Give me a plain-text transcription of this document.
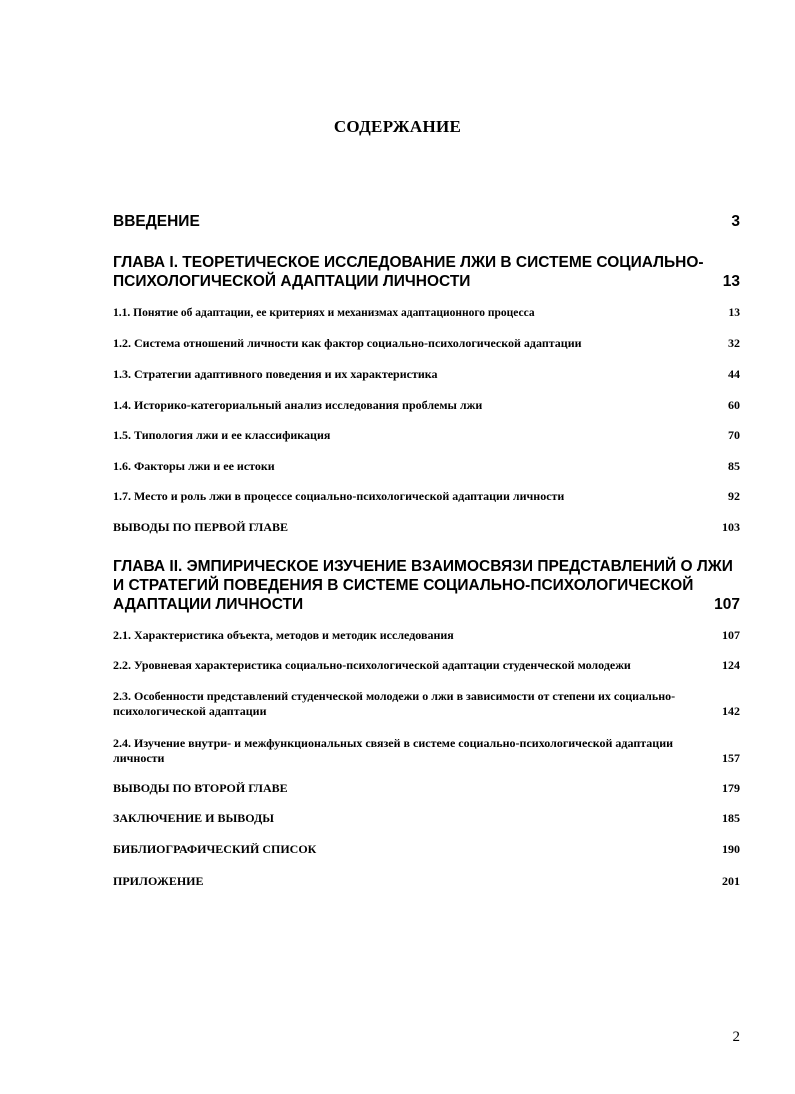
СОДЕРЖАНИЕ
ВВЕДЕНИЕ	3
ГЛАВА I. ТЕОРЕТИЧЕСКОЕ ИССЛЕДОВАНИЕ ЛЖИ В СИСТЕМЕ СОЦИАЛЬНО-ПСИХОЛОГИЧЕСКОЙ АДАПТАЦИИ ЛИЧНОСТИ	13
1.1. Понятие об адаптации, ее критериях и механизмах адаптационного процесса	13
1.2. Система отношений личности как фактор социально-психологической адаптации	32
1.3. Стратегии адаптивного поведения и их характеристика	44
1.4. Историко-категориальный анализ исследования проблемы лжи	60
1.5. Типология лжи и ее классификация	70
1.6. Факторы лжи и ее истоки	85
1.7. Место и роль лжи в процессе социально-психологической адаптации личности	92
ВЫВОДЫ ПО ПЕРВОЙ ГЛАВЕ	103
ГЛАВА II. ЭМПИРИЧЕСКОЕ ИЗУЧЕНИЕ ВЗАИМОСВЯЗИ ПРЕДСТАВЛЕНИЙ О ЛЖИ И СТРАТЕГИЙ ПОВЕДЕНИЯ В СИСТЕМЕ СОЦИАЛЬНО-ПСИХОЛОГИЧЕСКОЙ АДАПТАЦИИ ЛИЧНОСТИ	107
2.1. Характеристика объекта, методов и методик исследования	107
2.2. Уровневая характеристика социально-психологической адаптации студенческой молодежи	124
2.3. Особенности представлений студенческой молодежи о лжи в зависимости от степени их социально-психологической адаптации	142
2.4. Изучение внутри- и межфункциональных связей в системе социально-психологической адаптации личности	157
ВЫВОДЫ ПО ВТОРОЙ ГЛАВЕ	179
ЗАКЛЮЧЕНИЕ И ВЫВОДЫ	185
БИБЛИОГРАФИЧЕСКИЙ СПИСОК	190
ПРИЛОЖЕНИЕ	201
2
